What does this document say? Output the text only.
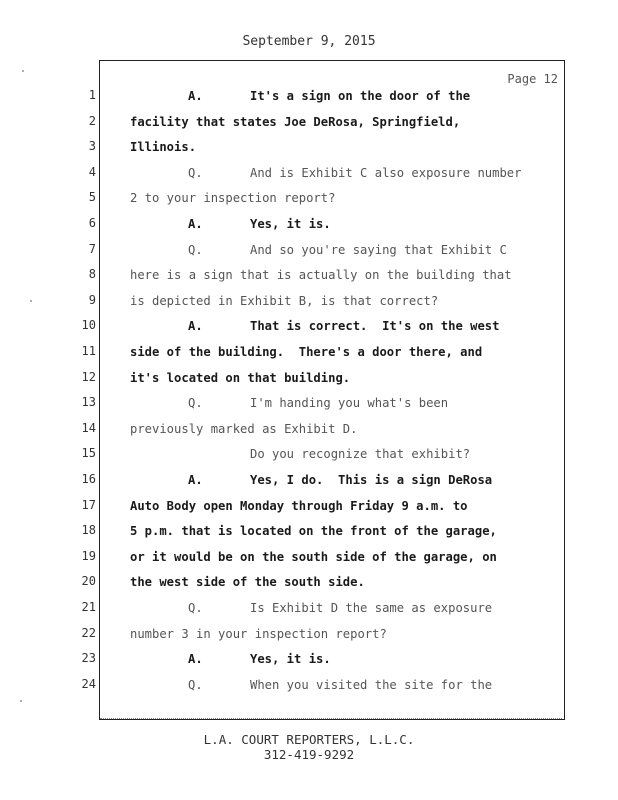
September 9, 2015
Page 12
1
2
3
4
5
6
7
8
9
10
11
12
13
14
15
16
17
18
19
20
21
22
23
24
A.	It's a sign on the door of the
facility that states Joe DeRosa, Springfield,
Illinois.
Q.	And is Exhibit C also exposure number
2 to your inspection report?
A.	Yes, it is.
Q.	And so you're saying that Exhibit C
here is a sign that is actually on the building that
is depicted in Exhibit B, is that correct?
A.	That is correct.  It's on the west
side of the building.  There's a door there, and
it's located on that building.
Q.	I'm handing you what's been
previously marked as Exhibit D.
Do you recognize that exhibit?
A.	Yes, I do.  This is a sign DeRosa
Auto Body open Monday through Friday 9 a.m. to
5 p.m. that is located on the front of the garage,
or it would be on the south side of the garage, on
the west side of the south side.
Q.	Is Exhibit D the same as exposure
number 3 in your inspection report?
A.	Yes, it is.
Q.	When you visited the site for the
L.A. COURT REPORTERS, L.L.C.
312-419-9292
